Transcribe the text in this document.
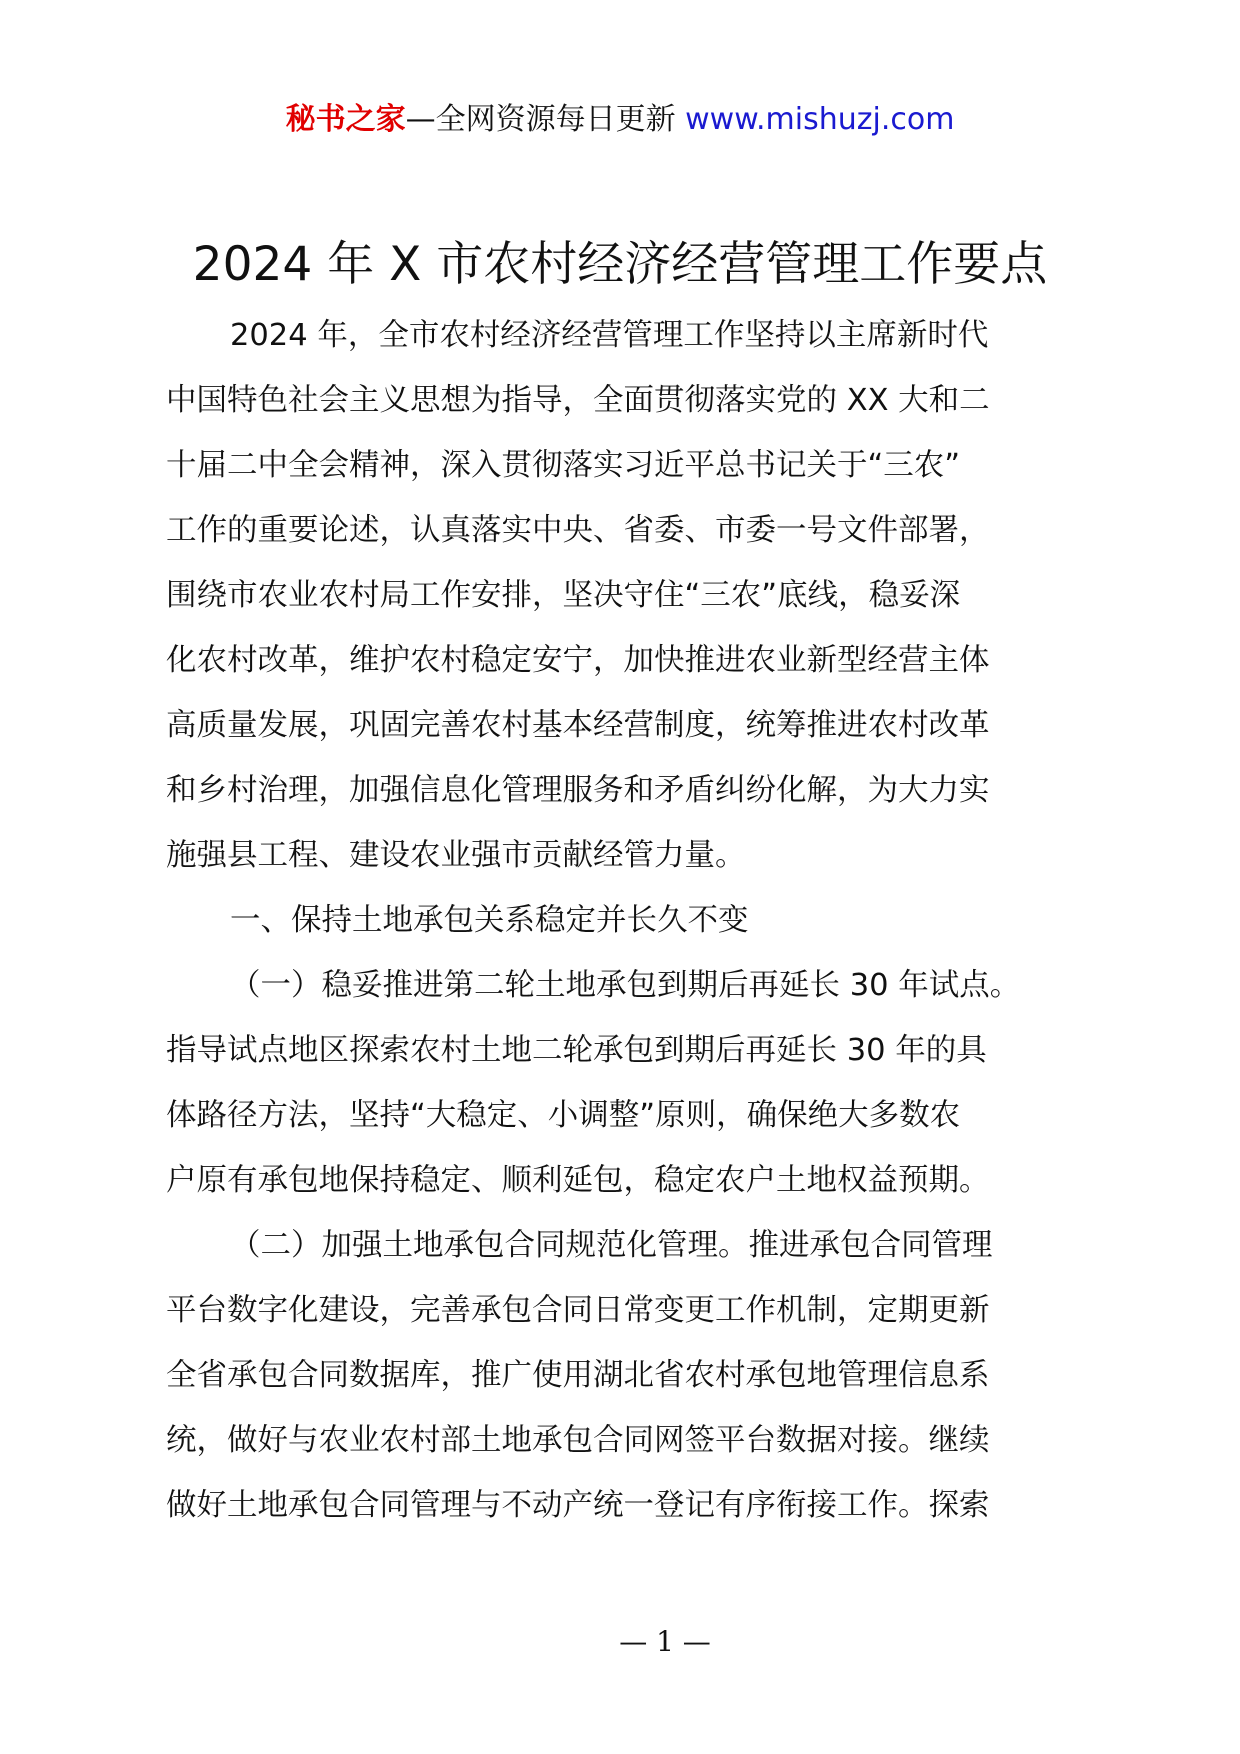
秘书之家—全网资源每日更新 www.mishuzj.com
2024 年 X 市农村经济经营管理工作要点
2024 年，全市农村经济经营管理工作坚持以主席新时代
中国特色社会主义思想为指导，全面贯彻落实党的 XX 大和二
十届二中全会精神，深入贯彻落实习近平总书记关于“三农”
工作的重要论述，认真落实中央、省委、市委一号文件部署，
围绕市农业农村局工作安排，坚决守住“三农”底线，稳妥深
化农村改革，维护农村稳定安宁，加快推进农业新型经营主体
高质量发展，巩固完善农村基本经营制度，统筹推进农村改革
和乡村治理，加强信息化管理服务和矛盾纠纷化解，为大力实
施强县工程、建设农业强市贡献经管力量。
一、保持土地承包关系稳定并长久不变
（一）稳妥推进第二轮土地承包到期后再延长 30 年试点。
指导试点地区探索农村土地二轮承包到期后再延长 30 年的具
体路径方法，坚持“大稳定、小调整”原则，确保绝大多数农
户原有承包地保持稳定、顺利延包，稳定农户土地权益预期。
（二）加强土地承包合同规范化管理。推进承包合同管理
平台数字化建设，完善承包合同日常变更工作机制，定期更新
全省承包合同数据库，推广使用湖北省农村承包地管理信息系
统，做好与农业农村部土地承包合同网签平台数据对接。继续
做好土地承包合同管理与不动产统一登记有序衔接工作。探索
— 1 —
